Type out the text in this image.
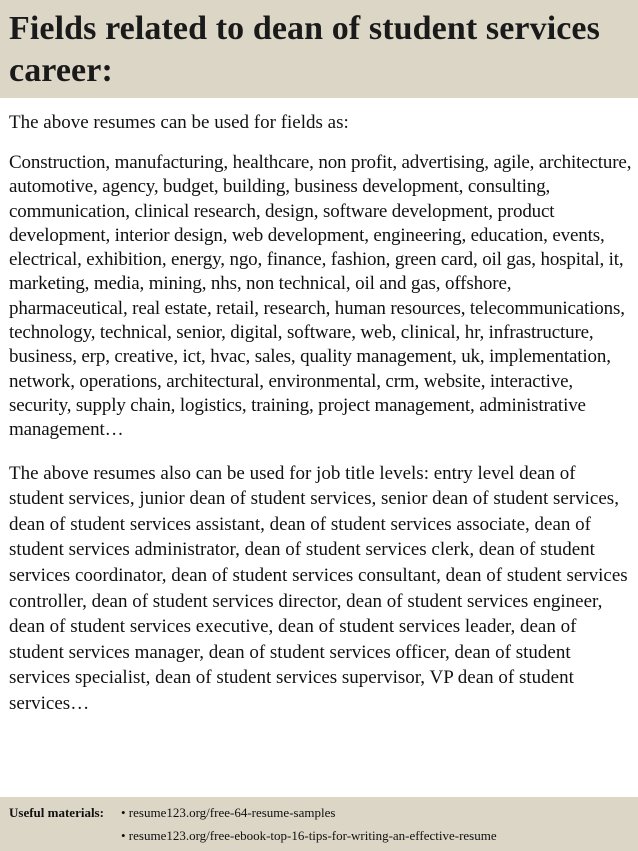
Fields related to dean of student services career:

The above resumes can be used for fields as:

Construction, manufacturing, healthcare, non profit, advertising, agile, architecture, automotive, agency, budget, building, business development, consulting, communication, clinical research, design, software development, product development, interior design, web development, engineering, education, events, electrical, exhibition, energy, ngo, finance, fashion, green card, oil gas, hospital, it, marketing, media, mining, nhs, non technical, oil and gas, offshore, pharmaceutical, real estate, retail, research, human resources, telecommunications, technology, technical, senior, digital, software, web, clinical, hr, infrastructure, business, erp, creative, ict, hvac, sales, quality management, uk, implementation, network, operations, architectural, environmental, crm, website, interactive, security, supply chain, logistics, training, project management, administrative management…

The above resumes also can be used for job title levels: entry level dean of student services, junior dean of student services, senior dean of student services, dean of student services assistant, dean of student services associate, dean of student services administrator, dean of student services clerk, dean of student services coordinator, dean of student services consultant, dean of student services controller, dean of student services director, dean of student services engineer, dean of student services executive, dean of student services leader, dean of student services manager, dean of student services officer, dean of student services specialist, dean of student services supervisor, VP dean of student services…

Useful materials: • resume123.org/free-64-resume-samples
• resume123.org/free-ebook-top-16-tips-for-writing-an-effective-resume
